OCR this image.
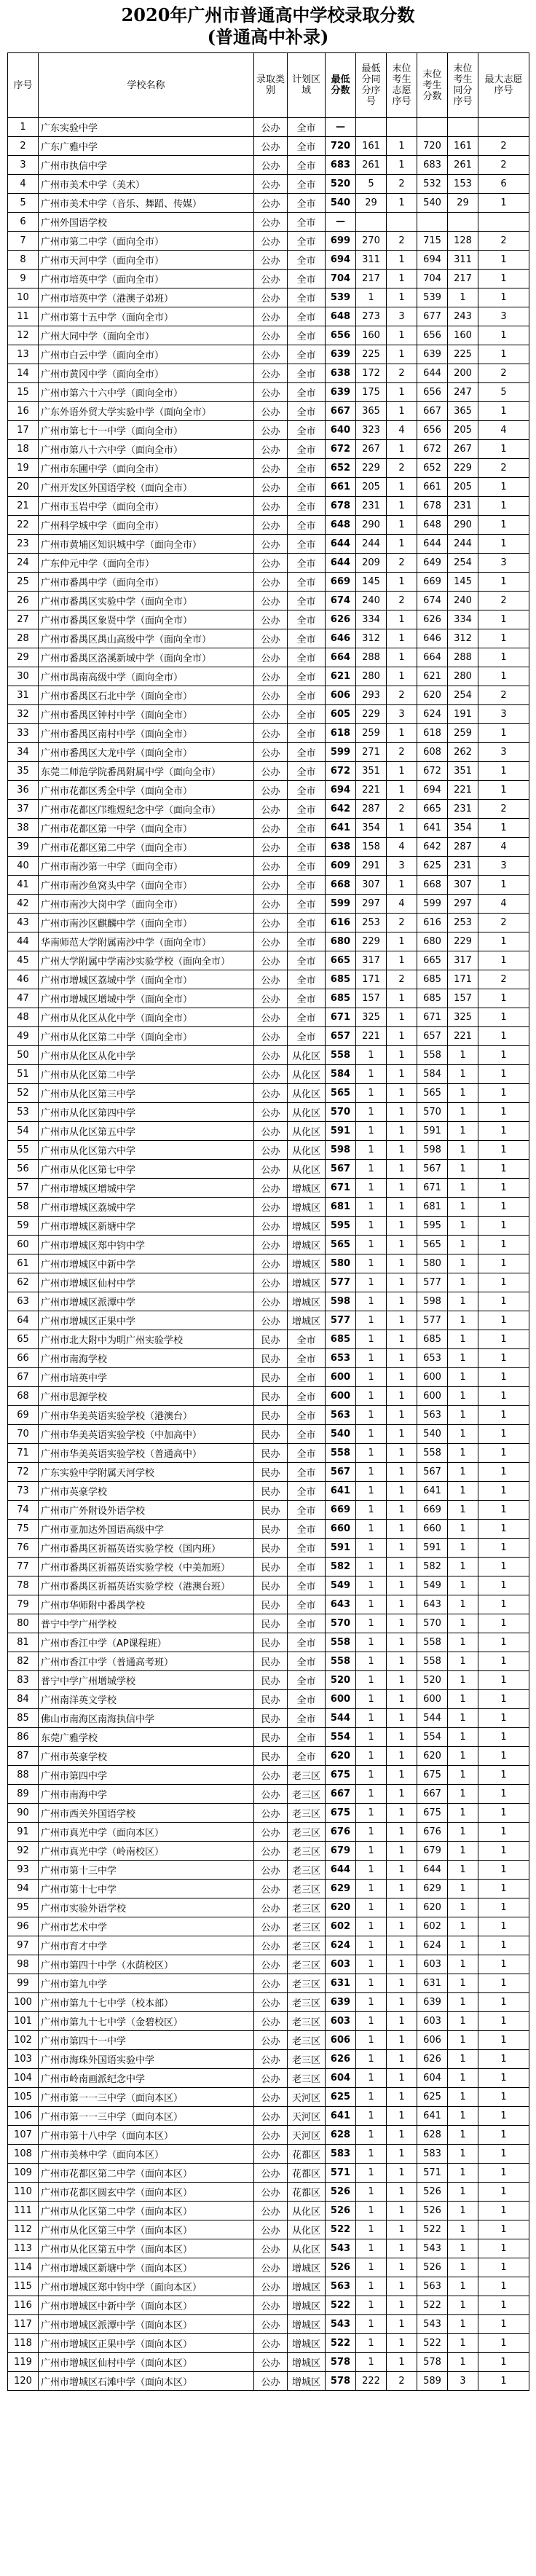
2020年广州市普通高中学校录取分数
(普通高中补录)
序号	学校名称	录取类别	计划区域	最低分数	最低分同分序号	末位考生志愿序号	末位考生分数	末位考生同分序号	最大志愿序号
1	广东实验中学	公办	全市	—					
2	广东广雅中学	公办	全市	720	161	1	720	161	2
3	广州市执信中学	公办	全市	683	261	1	683	261	2
4	广州市美术中学（美术）	公办	全市	520	5	2	532	153	6
5	广州市美术中学（音乐、舞蹈、传媒）	公办	全市	540	29	1	540	29	1
6	广州外国语学校	公办	全市	—					
7	广州市第二中学（面向全市）	公办	全市	699	270	2	715	128	2
8	广州市天河中学（面向全市）	公办	全市	694	311	1	694	311	1
9	广州市培英中学（面向全市）	公办	全市	704	217	1	704	217	1
10	广州市培英中学（港澳子弟班）	公办	全市	539	1	1	539	1	1
11	广州市第十五中学（面向全市）	公办	全市	648	273	3	677	243	3
12	广州大同中学（面向全市）	公办	全市	656	160	1	656	160	1
13	广州市白云中学（面向全市）	公办	全市	639	225	1	639	225	1
14	广州市黄冈中学（面向全市）	公办	全市	638	172	2	644	200	2
15	广州市第六十六中学（面向全市）	公办	全市	639	175	1	656	247	5
16	广东外语外贸大学实验中学（面向全市）	公办	全市	667	365	1	667	365	1
17	广州市第七十一中学（面向全市）	公办	全市	640	323	4	656	205	4
18	广州市第八十六中学（面向全市）	公办	全市	672	267	1	672	267	1
19	广州市东圃中学（面向全市）	公办	全市	652	229	2	652	229	2
20	广州开发区外国语学校（面向全市）	公办	全市	661	205	1	661	205	1
21	广州市玉岩中学（面向全市）	公办	全市	678	231	1	678	231	1
22	广州科学城中学（面向全市）	公办	全市	648	290	1	648	290	1
23	广州市黄埔区知识城中学（面向全市）	公办	全市	644	244	1	644	244	1
24	广东仲元中学（面向全市）	公办	全市	644	209	2	649	254	3
25	广州市番禺中学（面向全市）	公办	全市	669	145	1	669	145	1
26	广州市番禺区实验中学（面向全市）	公办	全市	674	240	2	674	240	2
27	广州市番禺区象贤中学（面向全市）	公办	全市	626	334	1	626	334	1
28	广州市番禺区禺山高级中学（面向全市）	公办	全市	646	312	1	646	312	1
29	广州市番禺区洛溪新城中学（面向全市）	公办	全市	664	288	1	664	288	1
30	广州市禺南高级中学（面向全市）	公办	全市	621	280	1	621	280	1
31	广州市番禺区石北中学（面向全市）	公办	全市	606	293	2	620	254	2
32	广州市番禺区钟村中学（面向全市）	公办	全市	605	229	3	624	191	3
33	广州市番禺区南村中学（面向全市）	公办	全市	618	259	1	618	259	1
34	广州市番禺区大龙中学（面向全市）	公办	全市	599	271	2	608	262	3
35	东莞二师范学院番禺附属中学（面向全市）	公办	全市	672	351	1	672	351	1
36	广州市花都区秀全中学（面向全市）	公办	全市	694	221	1	694	221	1
37	广州市花都区邝维煜纪念中学（面向全市）	公办	全市	642	287	2	665	231	2
38	广州市花都区第一中学（面向全市）	公办	全市	641	354	1	641	354	1
39	广州市花都区第二中学（面向全市）	公办	全市	638	158	4	642	287	4
40	广州市南沙第一中学（面向全市）	公办	全市	609	291	3	625	231	3
41	广州市南沙鱼窝头中学（面向全市）	公办	全市	668	307	1	668	307	1
42	广州市南沙大岗中学（面向全市）	公办	全市	599	297	4	599	297	4
43	广州市南沙区麒麟中学（面向全市）	公办	全市	616	253	2	616	253	2
44	华南师范大学附属南沙中学（面向全市）	公办	全市	680	229	1	680	229	1
45	广州大学附属中学南沙实验学校（面向全市）	公办	全市	665	317	1	665	317	1
46	广州市增城区荔城中学（面向全市）	公办	全市	685	171	2	685	171	2
47	广州市增城区增城中学（面向全市）	公办	全市	685	157	1	685	157	1
48	广州市从化区从化中学（面向全市）	公办	全市	671	325	1	671	325	1
49	广州市从化区第二中学（面向全市）	公办	全市	657	221	1	657	221	1
50	广州市从化区从化中学	公办	从化区	558	1	1	558	1	1
51	广州市从化区第二中学	公办	从化区	584	1	1	584	1	1
52	广州市从化区第三中学	公办	从化区	565	1	1	565	1	1
53	广州市从化区第四中学	公办	从化区	570	1	1	570	1	1
54	广州市从化区第五中学	公办	从化区	591	1	1	591	1	1
55	广州市从化区第六中学	公办	从化区	598	1	1	598	1	1
56	广州市从化区第七中学	公办	从化区	567	1	1	567	1	1
57	广州市增城区增城中学	公办	增城区	671	1	1	671	1	1
58	广州市增城区荔城中学	公办	增城区	681	1	1	681	1	1
59	广州市增城区新塘中学	公办	增城区	595	1	1	595	1	1
60	广州市增城区郑中钧中学	公办	增城区	565	1	1	565	1	1
61	广州市增城区中新中学	公办	增城区	580	1	1	580	1	1
62	广州市增城区仙村中学	公办	增城区	577	1	1	577	1	1
63	广州市增城区派潭中学	公办	增城区	598	1	1	598	1	1
64	广州市增城区正果中学	公办	增城区	577	1	1	577	1	1
65	广州市北大附中为明广州实验学校	民办	全市	685	1	1	685	1	1
66	广州市南海学校	民办	全市	653	1	1	653	1	1
67	广州市培英中学	民办	全市	600	1	1	600	1	1
68	广州市思源学校	民办	全市	600	1	1	600	1	1
69	广州市华美英语实验学校（港澳台）	民办	全市	563	1	1	563	1	1
70	广州市华美英语实验学校（中加高中）	民办	全市	540	1	1	540	1	1
71	广州市华美英语实验学校（普通高中）	民办	全市	558	1	1	558	1	1
72	广东实验中学附属天河学校	民办	全市	567	1	1	567	1	1
73	广州市英豪学校	民办	全市	641	1	1	641	1	1
74	广州市广外附设外语学校	民办	全市	669	1	1	669	1	1
75	广州市亚加达外国语高级中学	民办	全市	660	1	1	660	1	1
76	广州市番禺区祈福英语实验学校（国内班）	民办	全市	591	1	1	591	1	1
77	广州市番禺区祈福英语实验学校（中美加班）	民办	全市	582	1	1	582	1	1
78	广州市番禺区祈福英语实验学校（港澳台班）	民办	全市	549	1	1	549	1	1
79	广州市华师附中番禺学校	民办	全市	643	1	1	643	1	1
80	普宁中学广州学校	民办	全市	570	1	1	570	1	1
81	广州市香江中学（AP课程班）	民办	全市	558	1	1	558	1	1
82	广州市香江中学（普通高考班）	民办	全市	558	1	1	558	1	1
83	普宁中学广州增城学校	民办	全市	520	1	1	520	1	1
84	广州南洋英文学校	民办	全市	600	1	1	600	1	1
85	佛山市南海区南海执信中学	民办	全市	544	1	1	544	1	1
86	东莞广雅学校	民办	全市	554	1	1	554	1	1
87	广州市英豪学校	民办	全市	620	1	1	620	1	1
88	广州市第四中学	公办	老三区	675	1	1	675	1	1
89	广州市南海中学	公办	老三区	667	1	1	667	1	1
90	广州市西关外国语学校	公办	老三区	675	1	1	675	1	1
91	广州市真光中学（面向本区）	公办	老三区	676	1	1	676	1	1
92	广州市真光中学（岭南校区）	公办	老三区	679	1	1	679	1	1
93	广州市第十三中学	公办	老三区	644	1	1	644	1	1
94	广州市第十七中学	公办	老三区	629	1	1	629	1	1
95	广州市实验外语学校	公办	老三区	620	1	1	620	1	1
96	广州市艺术中学	公办	老三区	602	1	1	602	1	1
97	广州市育才中学	公办	老三区	624	1	1	624	1	1
98	广州市第四十中学（水荫校区）	公办	老三区	603	1	1	603	1	1
99	广州市第九中学	公办	老三区	631	1	1	631	1	1
100	广州市第九十七中学（校本部）	公办	老三区	639	1	1	639	1	1
101	广州市第九十七中学（金碧校区）	公办	老三区	603	1	1	603	1	1
102	广州市第四十一中学	公办	老三区	606	1	1	606	1	1
103	广州市海珠外国语实验中学	公办	老三区	626	1	1	626	1	1
104	广州市岭南画派纪念中学	公办	老三区	604	1	1	604	1	1
105	广州市第一一三中学（面向本区）	公办	天河区	625	1	1	625	1	1
106	广州市第一一三中学（面向本区）	公办	天河区	641	1	1	641	1	1
107	广州市第十八中学（面向本区）	公办	天河区	628	1	1	628	1	1
108	广州市美林中学（面向本区）	公办	花都区	583	1	1	583	1	1
109	广州市花都区第二中学（面向本区）	公办	花都区	571	1	1	571	1	1
110	广州市花都区圆玄中学（面向本区）	公办	花都区	526	1	1	526	1	1
111	广州市从化区第二中学（面向本区）	公办	从化区	526	1	1	526	1	1
112	广州市从化区第三中学（面向本区）	公办	从化区	522	1	1	522	1	1
113	广州市从化区第五中学（面向本区）	公办	从化区	543	1	1	543	1	1
114	广州市增城区新塘中学（面向本区）	公办	增城区	526	1	1	526	1	1
115	广州市增城区郑中钧中学（面向本区）	公办	增城区	563	1	1	563	1	1
116	广州市增城区中新中学（面向本区）	公办	增城区	522	1	1	522	1	1
117	广州市增城区派潭中学（面向本区）	公办	增城区	543	1	1	543	1	1
118	广州市增城区正果中学（面向本区）	公办	增城区	522	1	1	522	1	1
119	广州市增城区仙村中学（面向本区）	公办	增城区	578	1	1	578	1	1
120	广州市增城区石滩中学（面向本区）	公办	增城区	578	222	2	589	3	1
